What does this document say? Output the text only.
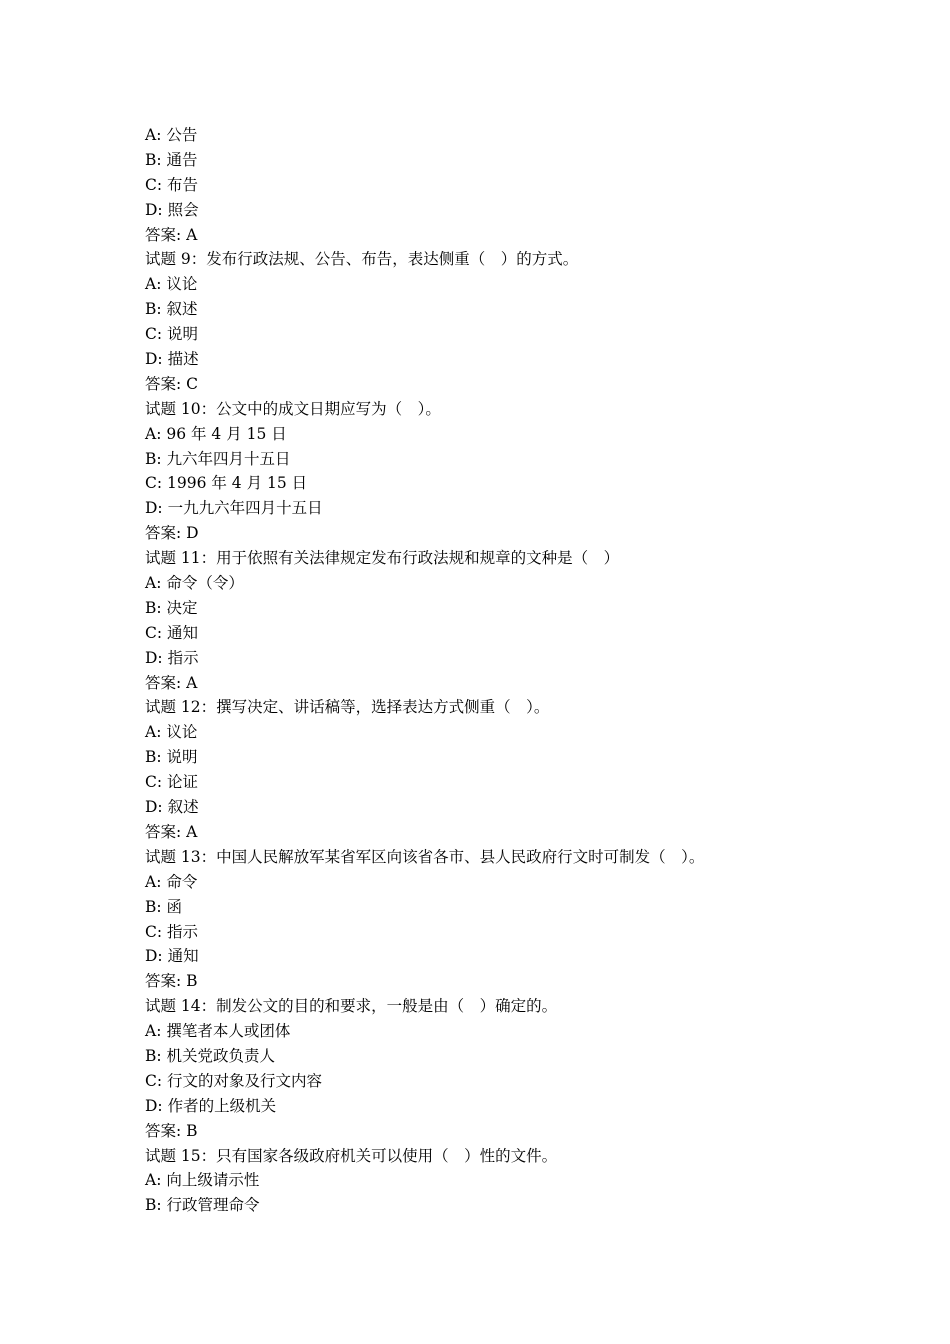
A: 公告
B: 通告
C: 布告
D: 照会
答案: A
试题 9：发布行政法规、公告、布告，表达侧重（　）的方式。
A: 议论
B: 叙述
C: 说明
D: 描述
答案: C
试题 10：公文中的成文日期应写为（　）。
A: 96 年 4 月 15 日
B: 九六年四月十五日
C: 1996 年 4 月 15 日
D: 一九九六年四月十五日
答案: D
试题 11：用于依照有关法律规定发布行政法规和规章的文种是（　）
A: 命令（令）
B: 决定
C: 通知
D: 指示
答案: A
试题 12：撰写决定、讲话稿等，选择表达方式侧重（　）。
A: 议论
B: 说明
C: 论证
D: 叙述
答案: A
试题 13：中国人民解放军某省军区向该省各市、县人民政府行文时可制发（　）。
A: 命令
B: 函
C: 指示
D: 通知
答案: B
试题 14：制发公文的目的和要求，一般是由（　）确定的。
A: 撰笔者本人或团体
B: 机关党政负责人
C: 行文的对象及行文内容
D: 作者的上级机关
答案: B
试题 15：只有国家各级政府机关可以使用（　）性的文件。
A: 向上级请示性
B: 行政管理命令
